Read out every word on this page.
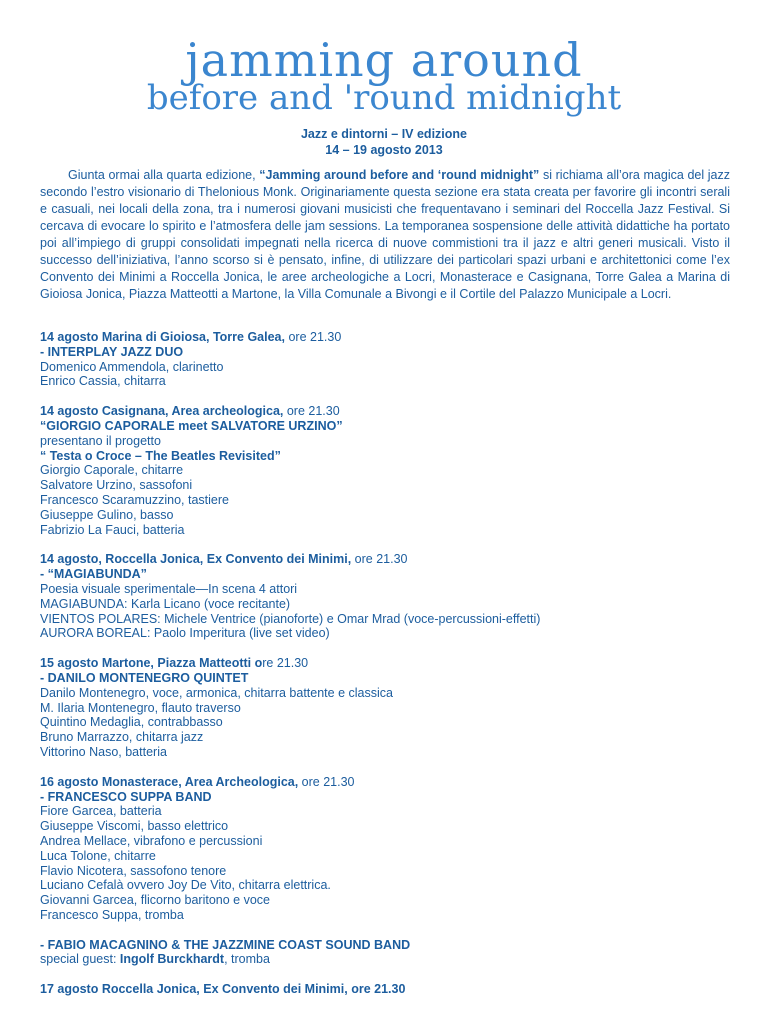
jamming around
before and 'round midnight
Jazz e dintorni – IV edizione
14 – 19 agosto 2013

Giunta ormai alla quarta edizione, “Jamming around before and ‘round midnight” si richiama all’ora magica del jazz secondo l’estro visionario di Thelonious Monk. Originariamente questa sezione era stata creata per favorire gli incontri serali e casuali, nei locali della zona, tra i numerosi giovani musicisti che frequentavano i seminari del Roccella Jazz Festival. Si cercava di evocare lo spirito e l’atmosfera delle jam sessions. La temporanea sospensione delle attività didattiche ha portato poi all’impiego di gruppi consolidati impegnati nella ricerca di nuove commistioni tra il jazz e altri generi musicali. Visto il successo dell’iniziativa, l’anno scorso si è pensato, infine, di utilizzare dei particolari spazi urbani e architettonici come l’ex Convento dei Minimi a Roccella Jonica, le aree archeologiche a Locri, Monasterace e Casignana, Torre Galea a Marina di Gioiosa Jonica, Piazza Matteotti a Martone, la Villa Comunale a Bivongi e il Cortile del Palazzo Municipale a Locri.

14 agosto Marina di Gioiosa, Torre Galea, ore 21.30
- INTERPLAY JAZZ DUO
Domenico Ammendola, clarinetto
Enrico Cassia, chitarra
14 agosto Casignana, Area archeologica, ore 21.30
“GIORGIO CAPORALE meet SALVATORE URZINO”
presentano il progetto
“ Testa o Croce – The Beatles Revisited”
Giorgio Caporale, chitarre
Salvatore Urzino, sassofoni
Francesco Scaramuzzino, tastiere
Giuseppe Gulino, basso
Fabrizio La Fauci, batteria
14 agosto, Roccella Jonica, Ex Convento dei Minimi, ore 21.30
- “MAGIABUNDA”
Poesia visuale sperimentale—In scena 4 attori
MAGIABUNDA: Karla Licano (voce recitante)
VIENTOS POLARES: Michele Ventrice (pianoforte) e Omar Mrad (voce-percussioni-effetti)
AURORA BOREAL: Paolo Imperitura (live set video)
15 agosto Martone, Piazza Matteotti ore 21.30
- DANILO MONTENEGRO QUINTET
Danilo Montenegro, voce, armonica, chitarra battente e classica
M. Ilaria Montenegro, flauto traverso
Quintino Medaglia, contrabbasso
Bruno Marrazzo, chitarra jazz
Vittorino Naso, batteria
16 agosto Monasterace, Area Archeologica, ore 21.30
- FRANCESCO SUPPA BAND
Fiore Garcea, batteria
Giuseppe Viscomi, basso elettrico
Andrea Mellace, vibrafono e percussioni
Luca Tolone, chitarre
Flavio Nicotera, sassofono tenore
Luciano Cefalà ovvero Joy De Vito, chitarra elettrica.
Giovanni Garcea, flicorno baritono e voce
Francesco Suppa, tromba
- FABIO MACAGNINO & THE JAZZMINE COAST SOUND BAND
special guest: Ingolf Burckhardt, tromba
17 agosto Roccella Jonica, Ex Convento dei Minimi, ore 21.30
